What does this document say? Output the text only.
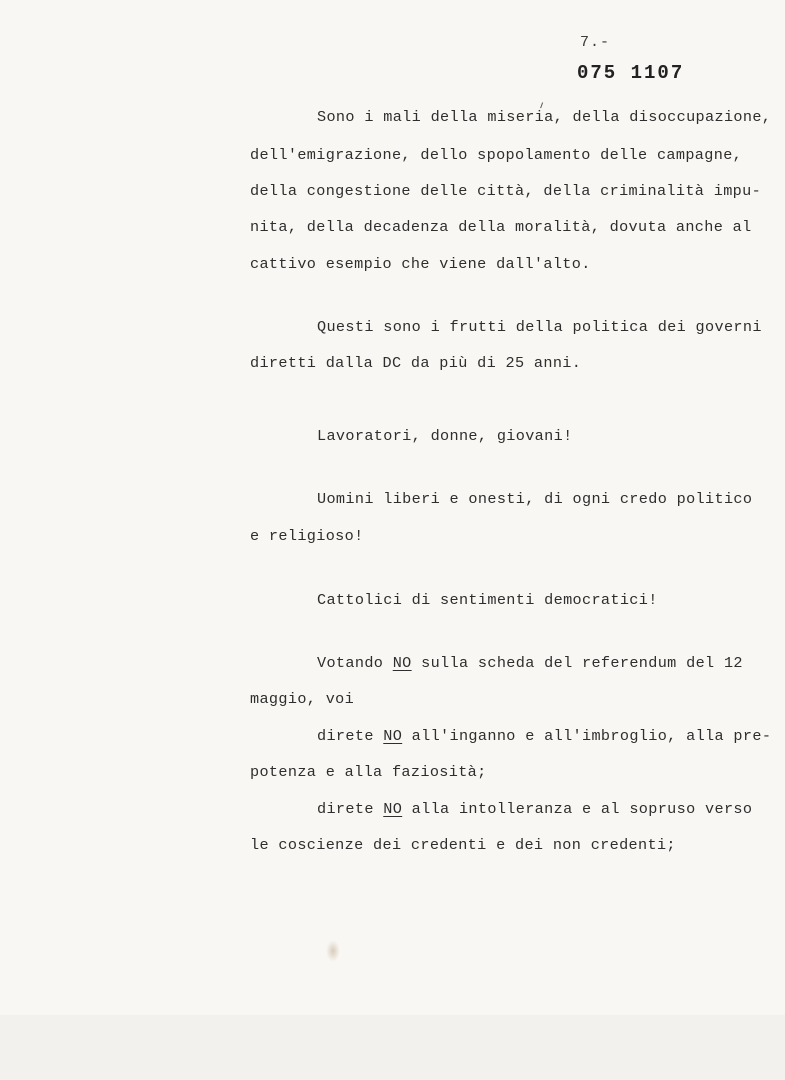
7.-
075 1107
Sono i mali della miseria, della disoccupazione,
dell'emigrazione, dello spopolamento delle campagne,
della congestione delle città, della criminalità impu-
nita, della decadenza della moralità, dovuta anche al
cattivo esempio che viene dall'alto.
Questi sono i frutti della politica dei governi
diretti dalla DC da più di 25 anni.
Lavoratori, donne, giovani!
Uomini liberi e onesti, di ogni credo politico
e religioso!
Cattolici di sentimenti democratici!
Votando NO sulla scheda del referendum del 12
maggio, voi
direte NO all'inganno e all'imbroglio, alla pre-
potenza e alla faziosità;
direte NO alla intolleranza e al sopruso verso
le coscienze dei credenti e dei non credenti;
